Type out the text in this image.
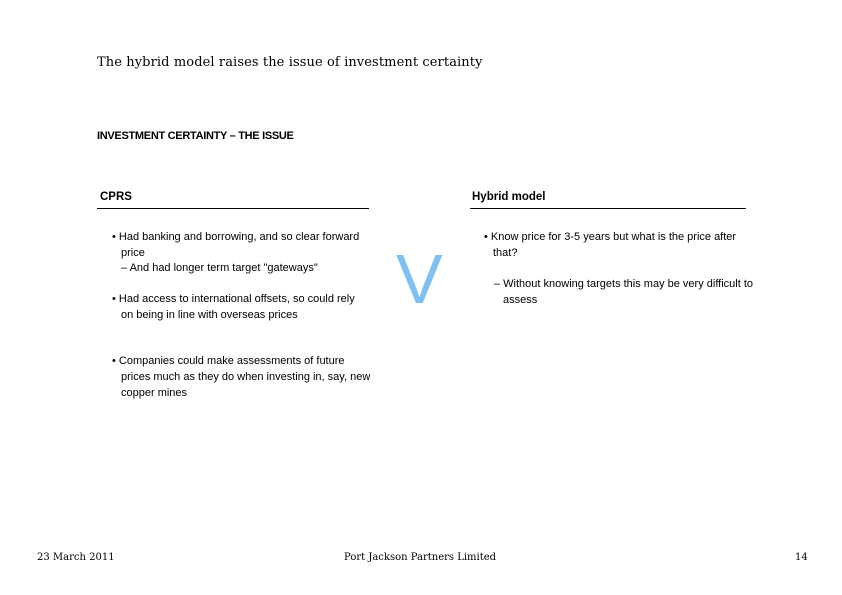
The hybrid model raises the issue of investment certainty
INVESTMENT CERTAINTY – THE ISSUE
CPRS
• Had banking and borrowing, and so clear forward price
– And had longer term target "gateways"
• Had access to international offsets, so could rely on being in line with overseas prices
• Companies could make assessments of future prices much as they do when investing in, say, new copper mines
V
Hybrid model
• Know price for 3-5 years but what is the price after that?
– Without knowing targets this may be very difficult to assess
23 March 2011	Port Jackson Partners Limited	14
